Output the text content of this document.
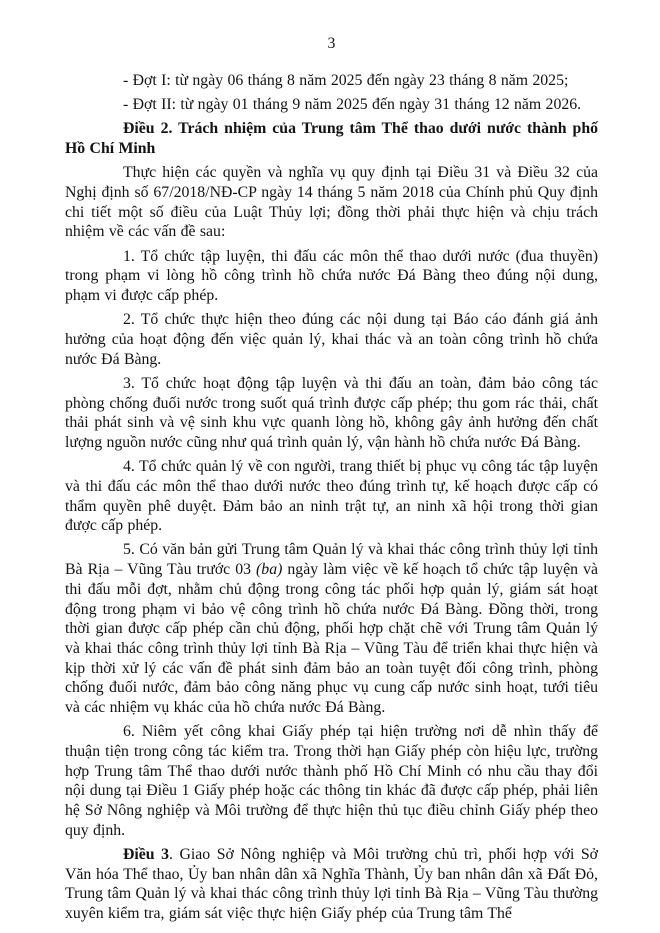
3

- Đợt I: từ ngày 06 tháng 8 năm 2025 đến ngày 23 tháng 8 năm 2025;

- Đợt II: từ ngày 01 tháng 9 năm 2025 đến ngày 31 tháng 12 năm 2026.

Điều 2. Trách nhiệm của Trung tâm Thể thao dưới nước thành phố Hồ Chí Minh

Thực hiện các quyền và nghĩa vụ quy định tại Điều 31 và Điều 32 của Nghị định số 67/2018/NĐ-CP ngày 14 tháng 5 năm 2018 của Chính phủ Quy định chi tiết một số điều của Luật Thủy lợi; đồng thời phải thực hiện và chịu trách nhiệm về các vấn đề sau:

1. Tổ chức tập luyện, thi đấu các môn thể thao dưới nước (đua thuyền) trong phạm vi lòng hồ công trình hồ chứa nước Đá Bàng theo đúng nội dung, phạm vi được cấp phép.

2. Tổ chức thực hiện theo đúng các nội dung tại Báo cáo đánh giá ảnh hưởng của hoạt động đến việc quản lý, khai thác và an toàn công trình hồ chứa nước Đá Bàng.

3. Tổ chức hoạt động tập luyện và thi đấu an toàn, đảm bảo công tác phòng chống đuối nước trong suốt quá trình được cấp phép; thu gom rác thải, chất thải phát sinh và vệ sinh khu vực quanh lòng hồ, không gây ảnh hưởng đến chất lượng nguồn nước cũng như quá trình quản lý, vận hành hồ chứa nước Đá Bàng.

4. Tổ chức quản lý về con người, trang thiết bị phục vụ công tác tập luyện và thi đấu các môn thể thao dưới nước theo đúng trình tự, kế hoạch được cấp có thẩm quyền phê duyệt. Đảm bảo an ninh trật tự, an ninh xã hội trong thời gian được cấp phép.

5. Có văn bản gửi Trung tâm Quản lý và khai thác công trình thủy lợi tỉnh Bà Rịa – Vũng Tàu trước 03 (ba) ngày làm việc về kế hoạch tổ chức tập luyện và thi đấu mỗi đợt, nhằm chủ động trong công tác phối hợp quản lý, giám sát hoạt động trong phạm vi bảo vệ công trình hồ chứa nước Đá Bàng. Đồng thời, trong thời gian được cấp phép cần chủ động, phối hợp chặt chẽ với Trung tâm Quản lý và khai thác công trình thủy lợi tỉnh Bà Rịa – Vũng Tàu để triển khai thực hiện và kịp thời xử lý các vấn đề phát sinh đảm bảo an toàn tuyệt đối công trình, phòng chống đuối nước, đảm bảo công năng phục vụ cung cấp nước sinh hoạt, tưới tiêu và các nhiệm vụ khác của hồ chứa nước Đá Bàng.

6. Niêm yết công khai Giấy phép tại hiện trường nơi dễ nhìn thấy để thuận tiện trong công tác kiểm tra. Trong thời hạn Giấy phép còn hiệu lực, trường hợp Trung tâm Thể thao dưới nước thành phố Hồ Chí Minh có nhu cầu thay đổi nội dung tại Điều 1 Giấy phép hoặc các thông tin khác đã được cấp phép, phải liên hệ Sở Nông nghiệp và Môi trường để thực hiện thủ tục điều chỉnh Giấy phép theo quy định.

Điều 3. Giao Sở Nông nghiệp và Môi trường chủ trì, phối hợp với Sở Văn hóa Thể thao, Ủy ban nhân dân xã Nghĩa Thành, Ủy ban nhân dân xã Đất Đỏ, Trung tâm Quản lý và khai thác công trình thủy lợi tỉnh Bà Rịa – Vũng Tàu thường xuyên kiểm tra, giám sát việc thực hiện Giấy phép của Trung tâm Thể
